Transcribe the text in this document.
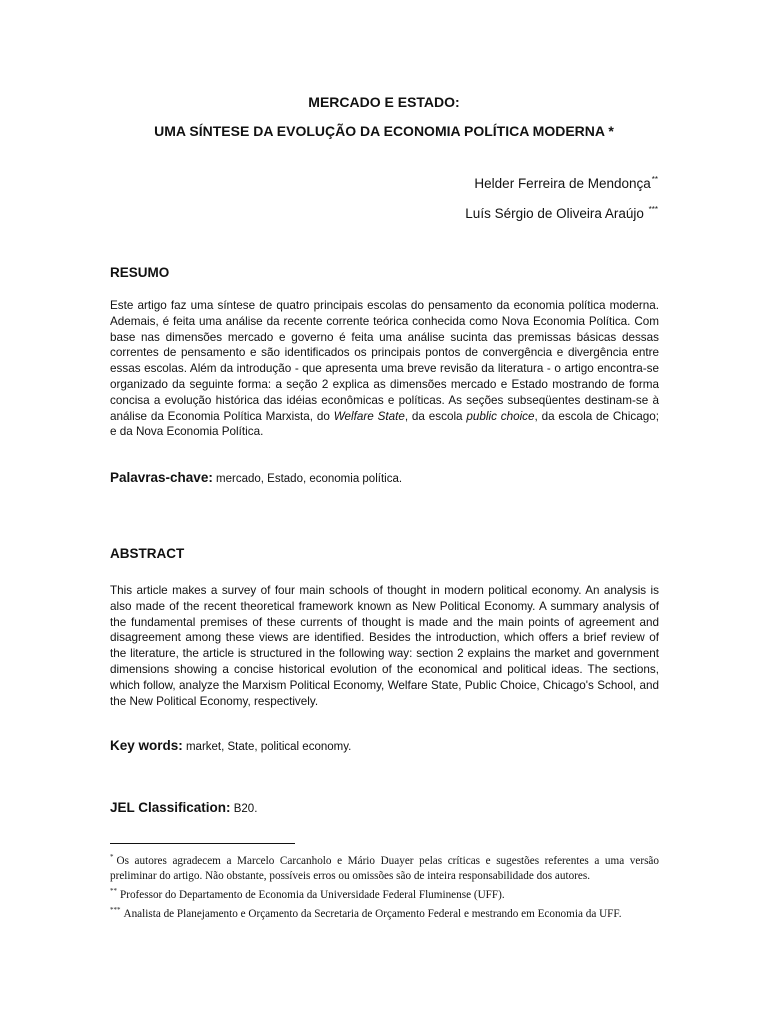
MERCADO E ESTADO:
UMA SÍNTESE DA EVOLUÇÃO DA ECONOMIA POLÍTICA MODERNA *
Helder Ferreira de Mendonça**
Luís Sérgio de Oliveira Araújo ***
RESUMO
Este artigo faz uma síntese de quatro principais escolas do pensamento da economia política moderna. Ademais, é feita uma análise da recente corrente teórica conhecida como Nova Economia Política. Com base nas dimensões mercado e governo é feita uma análise sucinta das premissas básicas dessas correntes de pensamento e são identificados os principais pontos de convergência e divergência entre essas escolas. Além da introdução - que apresenta uma breve revisão da literatura - o artigo encontra-se organizado da seguinte forma: a seção 2 explica as dimensões mercado e Estado mostrando de forma concisa a evolução histórica das idéias econômicas e políticas. As seções subseqüentes destinam-se à análise da Economia Política Marxista, do Welfare State, da escola public choice, da escola de Chicago; e da Nova Economia Política.
Palavras-chave: mercado, Estado, economia política.
ABSTRACT
This article makes a survey of four main schools of thought in modern political economy. An analysis is also made of the recent theoretical framework known as New Political Economy. A summary analysis of the fundamental premises of these currents of thought is made and the main points of agreement and disagreement among these views are identified. Besides the introduction, which offers a brief review of the literature, the article is structured in the following way: section 2 explains the market and government dimensions showing a concise historical evolution of the economical and political ideas. The sections, which follow, analyze the Marxism Political Economy, Welfare State, Public Choice, Chicago's School, and the New Political Economy, respectively.
Key words: market, State, political economy.
JEL Classification: B20.

* Os autores agradecem a Marcelo Carcanholo e Mário Duayer pelas críticas e sugestões referentes a uma versão preliminar do artigo. Não obstante, possíveis erros ou omissões são de inteira responsabilidade dos autores.

** Professor do Departamento de Economia da Universidade Federal Fluminense (UFF).

*** Analista de Planejamento e Orçamento da Secretaria de Orçamento Federal e mestrando em Economia da UFF.
